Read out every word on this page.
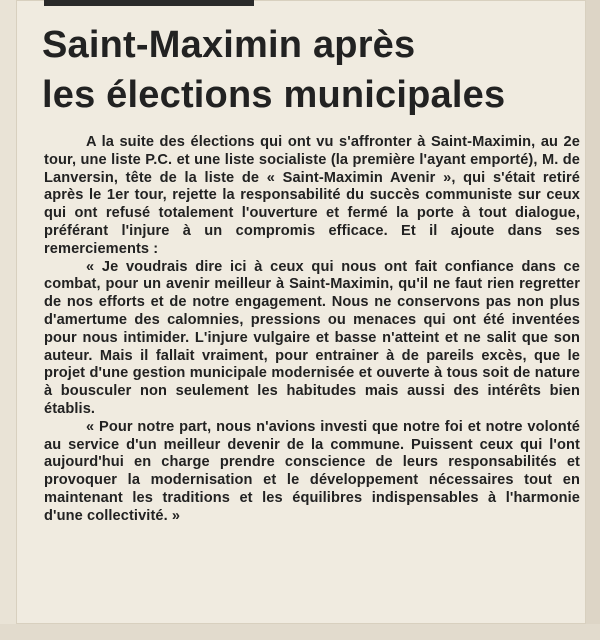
Saint-Maximin après
les élections municipales

A la suite des élections qui ont vu s'affronter à Saint-Maximin, au 2e tour, une liste P.C. et une liste socialiste (la première l'ayant emporté), M. de Lanversin, tête de la liste de « Saint-Maximin Avenir », qui s'était retiré après le 1er tour, rejette la responsabilité du succès communiste sur ceux qui ont refusé totalement l'ouverture et fermé la porte à tout dialogue, préférant l'injure à un compromis efficace. Et il ajoute dans ses remerciements :

« Je voudrais dire ici à ceux qui nous ont fait confiance dans ce combat, pour un avenir meilleur à Saint-Maximin, qu'il ne faut rien regretter de nos efforts et de notre engagement. Nous ne conservons pas non plus d'amertume des calomnies, pressions ou menaces qui ont été inventées pour nous intimider. L'injure vulgaire et basse n'atteint et ne salit que son auteur. Mais il fallait vraiment, pour entrainer à de pareils excès, que le projet d'une gestion municipale modernisée et ouverte à tous soit de nature à bousculer non seulement les habitudes mais aussi des intérêts bien établis.

« Pour notre part, nous n'avions investi que notre foi et notre volonté au service d'un meilleur devenir de la commune. Puissent ceux qui l'ont aujourd'hui en charge prendre conscience de leurs responsabilités et provoquer la modernisation et le développement nécessaires tout en maintenant les traditions et les équilibres indispensables à l'harmonie d'une collectivité. »
